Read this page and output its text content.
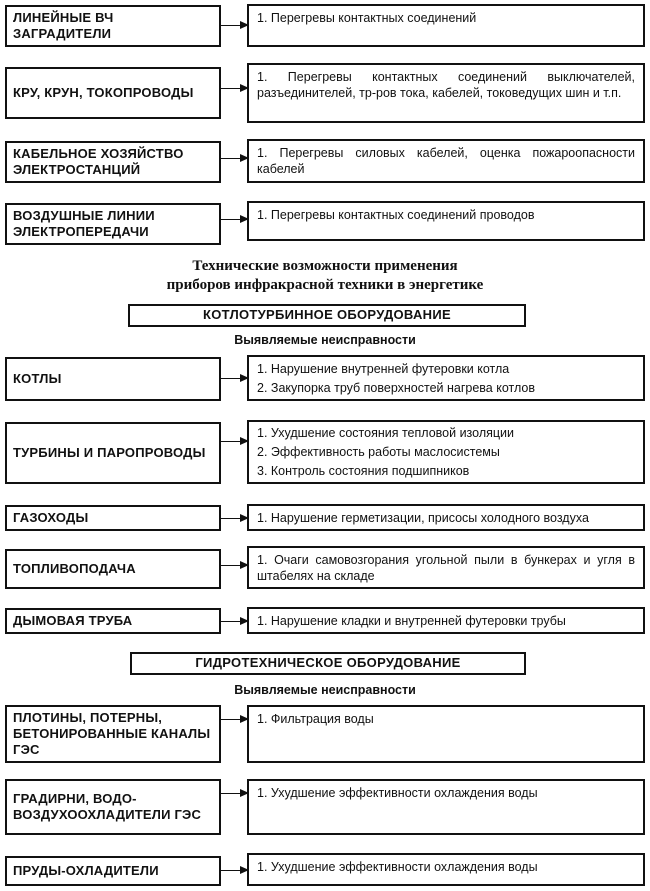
ЛИНЕЙНЫЕ ВЧ ЗАГРАДИТЕЛИ
1. Перегревы контактных соединений
КРУ, КРУН, ТОКОПРОВОДЫ
1. Перегревы контактных соединений выключателей, разъединителей, тр-ров тока, кабелей, токоведущих шин и т.п.
КАБЕЛЬНОЕ ХОЗЯЙСТВО ЭЛЕКТРОСТАНЦИЙ
1. Перегревы силовых кабелей, оценка пожароопасности кабелей
ВОЗДУШНЫЕ ЛИНИИ ЭЛЕКТРОПЕРЕДАЧИ
1. Перегревы контактных соединений проводов
Технические возможности применения
приборов инфракрасной техники в энергетике
КОТЛОТУРБИННОЕ ОБОРУДОВАНИЕ
Выявляемые неисправности
КОТЛЫ
1. Нарушение внутренней футеровки котла
2. Закупорка труб поверхностей нагрева котлов
ТУРБИНЫ И ПАРОПРОВОДЫ
1. Ухудшение состояния тепловой изоляции
2. Эффективность работы маслосистемы
3. Контроль состояния подшипников
ГАЗОХОДЫ	1. Нарушение герметизации, присосы холодного воздуха
ТОПЛИВОПОДАЧА
1. Очаги самовозгорания угольной пыли в бункерах и угля в штабелях на складе
ДЫМОВАЯ ТРУБА	1. Нарушение кладки и внутренней футеровки трубы
ГИДРОТЕХНИЧЕСКОЕ ОБОРУДОВАНИЕ
Выявляемые неисправности
ПЛОТИНЫ, ПОТЕРНЫ, БЕТОНИРОВАННЫЕ КАНАЛЫ ГЭС
1. Фильтрация воды
ГРАДИРНИ, ВОДО-ВОЗДУХООХЛАДИТЕЛИ ГЭС
1. Ухудшение эффективности охлаждения воды
ПРУДЫ-ОХЛАДИТЕЛИ	1. Ухудшение эффективности охлаждения воды
